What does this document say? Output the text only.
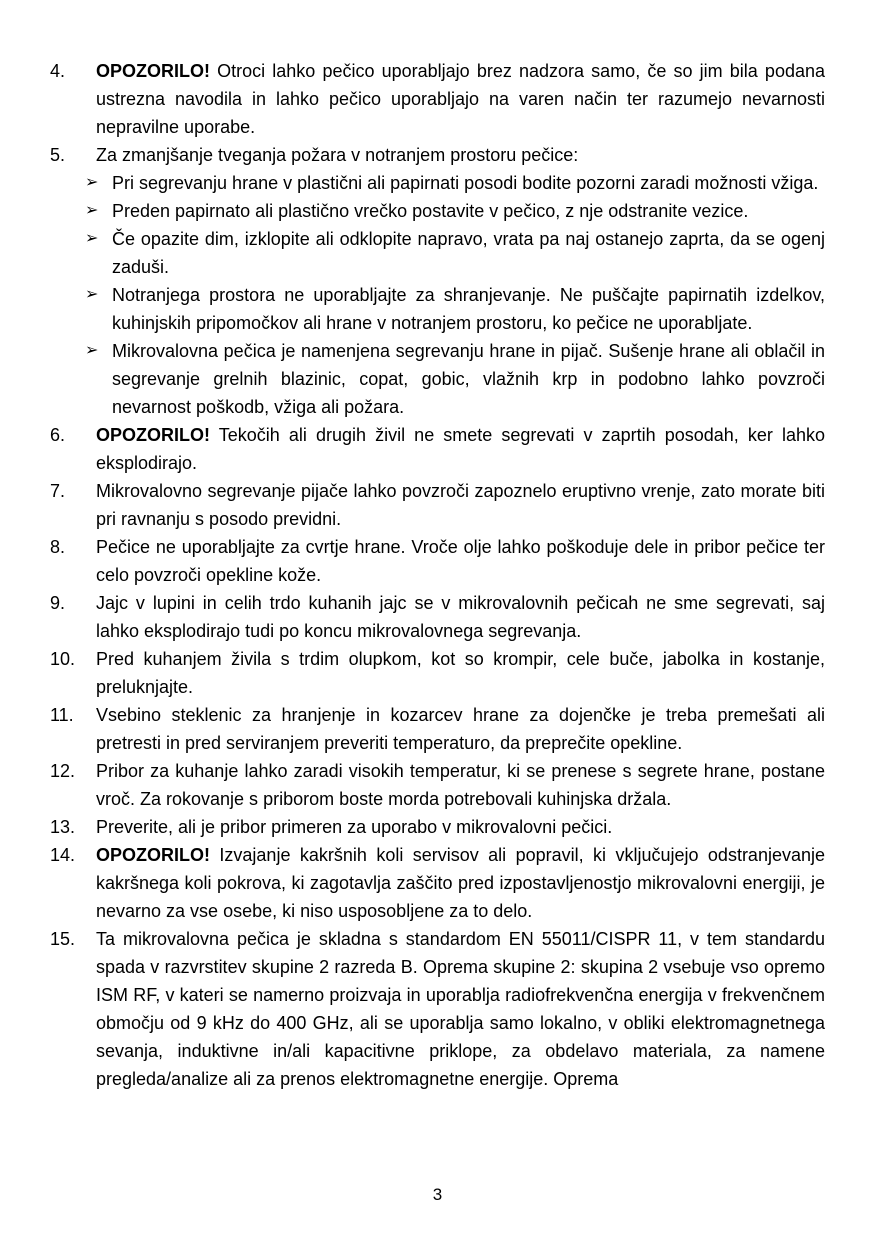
4.	OPOZORILO! Otroci lahko pečico uporabljajo brez nadzora samo, če so jim bila podana ustrezna navodila in lahko pečico uporabljajo na varen način ter razumejo nevarnosti nepravilne uporabe.

5.	Za zmanjšanje tveganja požara v notranjem prostoru pečice:

➢ Pri segrevanju hrane v plastični ali papirnati posodi bodite pozorni zaradi možnosti vžiga.

➢ Preden papirnato ali plastično vrečko postavite v pečico, z nje odstranite vezice.

➢ Če opazite dim, izklopite ali odklopite napravo, vrata pa naj ostanejo zaprta, da se ogenj zaduši.

➢ Notranjega prostora ne uporabljajte za shranjevanje. Ne puščajte papirnatih izdelkov, kuhinjskih pripomočkov ali hrane v notranjem prostoru, ko pečice ne uporabljate.

➢ Mikrovalovna pečica je namenjena segrevanju hrane in pijač. Sušenje hrane ali oblačil in segrevanje grelnih blazinic, copat, gobic, vlažnih krp in podobno lahko povzroči nevarnost poškodb, vžiga ali požara.

6.	OPOZORILO! Tekočih ali drugih živil ne smete segrevati v zaprtih posodah, ker lahko eksplodirajo.

7.	Mikrovalovno segrevanje pijače lahko povzroči zapoznelo eruptivno vrenje, zato morate biti pri ravnanju s posodo previdni.

8.	Pečice ne uporabljajte za cvrtje hrane. Vroče olje lahko poškoduje dele in pribor pečice ter celo povzroči opekline kože.

9.	Jajc v lupini in celih trdo kuhanih jajc se v mikrovalovnih pečicah ne sme segrevati, saj lahko eksplodirajo tudi po koncu mikrovalovnega segrevanja.

10.	Pred kuhanjem živila s trdim olupkom, kot so krompir, cele buče, jabolka in kostanje, preluknjajte.

11.	Vsebino steklenic za hranjenje in kozarcev hrane za dojenčke je treba premešati ali pretresti in pred serviranjem preveriti temperaturo, da preprečite opekline.

12.	Pribor za kuhanje lahko zaradi visokih temperatur, ki se prenese s segrete hrane, postane vroč. Za rokovanje s priborom boste morda potrebovali kuhinjska držala.

13.	Preverite, ali je pribor primeren za uporabo v mikrovalovni pečici.

14.	OPOZORILO! Izvajanje kakršnih koli servisov ali popravil, ki vključujejo odstranjevanje kakršnega koli pokrova, ki zagotavlja zaščito pred izpostavljenostjo mikrovalovni energiji, je nevarno za vse osebe, ki niso usposobljene za to delo.

15.	Ta mikrovalovna pečica je skladna s standardom EN 55011/CISPR 11, v tem standardu spada v razvrstitev skupine 2 razreda B. Oprema skupine 2: skupina 2 vsebuje vso opremo ISM RF, v kateri se namerno proizvaja in uporablja radiofrekvenčna energija v frekvenčnem območju od 9 kHz do 400 GHz, ali se uporablja samo lokalno, v obliki elektromagnetnega sevanja, induktivne in/ali kapacitivne priklope, za obdelavo materiala, za namene pregleda/analize ali za prenos elektromagnetne energije. Oprema

3
